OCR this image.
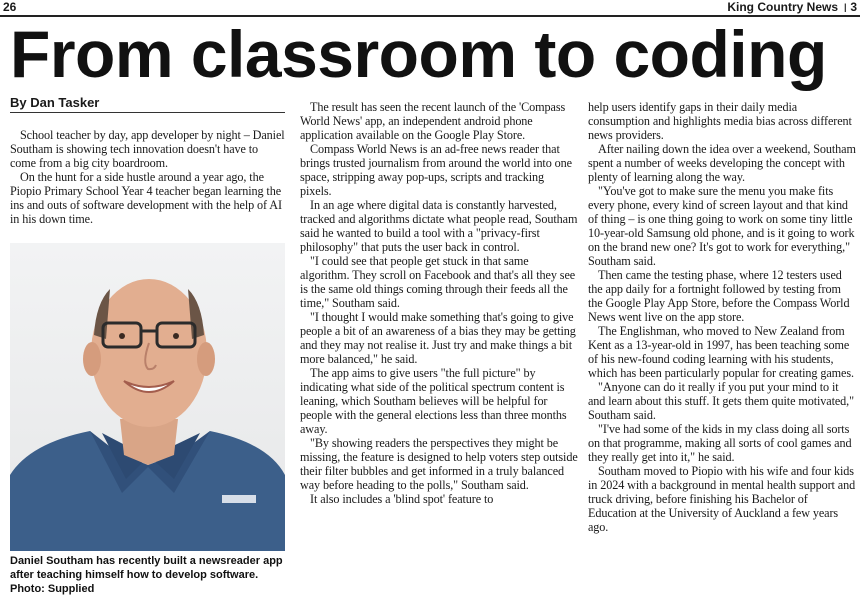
26	King Country News I 3
From classroom to coding
By Dan Tasker

School teacher by day, app developer by night – Daniel Southam is showing tech innovation doesn't have to come from a big city boardroom.

On the hunt for a side hustle around a year ago, the Piopio Primary School Year 4 teacher began learning the ins and outs of software development with the help of AI in his down time.

Daniel Southam has recently built a newsreader app after teaching himself how to develop software. Photo: Supplied

The result has seen the recent launch of the 'Compass World News' app, an independent android phone application available on the Google Play Store.

Compass World News is an ad-free news reader that brings trusted journalism from around the world into one space, stripping away pop-ups, scripts and tracking pixels.

In an age where digital data is constantly harvested, tracked and algorithms dictate what people read, Southam said he wanted to build a tool with a "privacy-first philosophy" that puts the user back in control.

"I could see that people get stuck in that same algorithm. They scroll on Facebook and that's all they see is the same old things coming through their feeds all the time," Southam said.

"I thought I would make something that's going to give people a bit of an awareness of a bias they may be getting and they may not realise it. Just try and make things a bit more balanced," he said.

The app aims to give users "the full picture" by indicating what side of the political spectrum content is leaning, which Southam believes will be helpful for people with the general elections less than three months away.

"By showing readers the perspectives they might be missing, the feature is designed to help voters step outside their filter bubbles and get informed in a truly balanced way before heading to the polls," Southam said.

It also includes a 'blind spot' feature to

help users identify gaps in their daily media consumption and highlights media bias across different news providers.

After nailing down the idea over a weekend, Southam spent a number of weeks developing the concept with plenty of learning along the way.

"You've got to make sure the menu you make fits every phone, every kind of screen layout and that kind of thing – is one thing going to work on some tiny little 10-year-old Samsung old phone, and is it going to work on the brand new one? It's got to work for everything," Southam said.

Then came the testing phase, where 12 testers used the app daily for a fortnight followed by testing from the Google Play App Store, before the Compass World News went live on the app store.

The Englishman, who moved to New Zealand from Kent as a 13-year-old in 1997, has been teaching some of his new-found coding learning with his students, which has been particularly popular for creating games.

"Anyone can do it really if you put your mind to it and learn about this stuff. It gets them quite motivated," Southam said.

"I've had some of the kids in my class doing all sorts on that programme, making all sorts of cool games and they really get into it," he said.

Southam moved to Piopio with his wife and four kids in 2024 with a background in mental health support and truck driving, before finishing his Bachelor of Education at the University of Auckland a few years ago.
